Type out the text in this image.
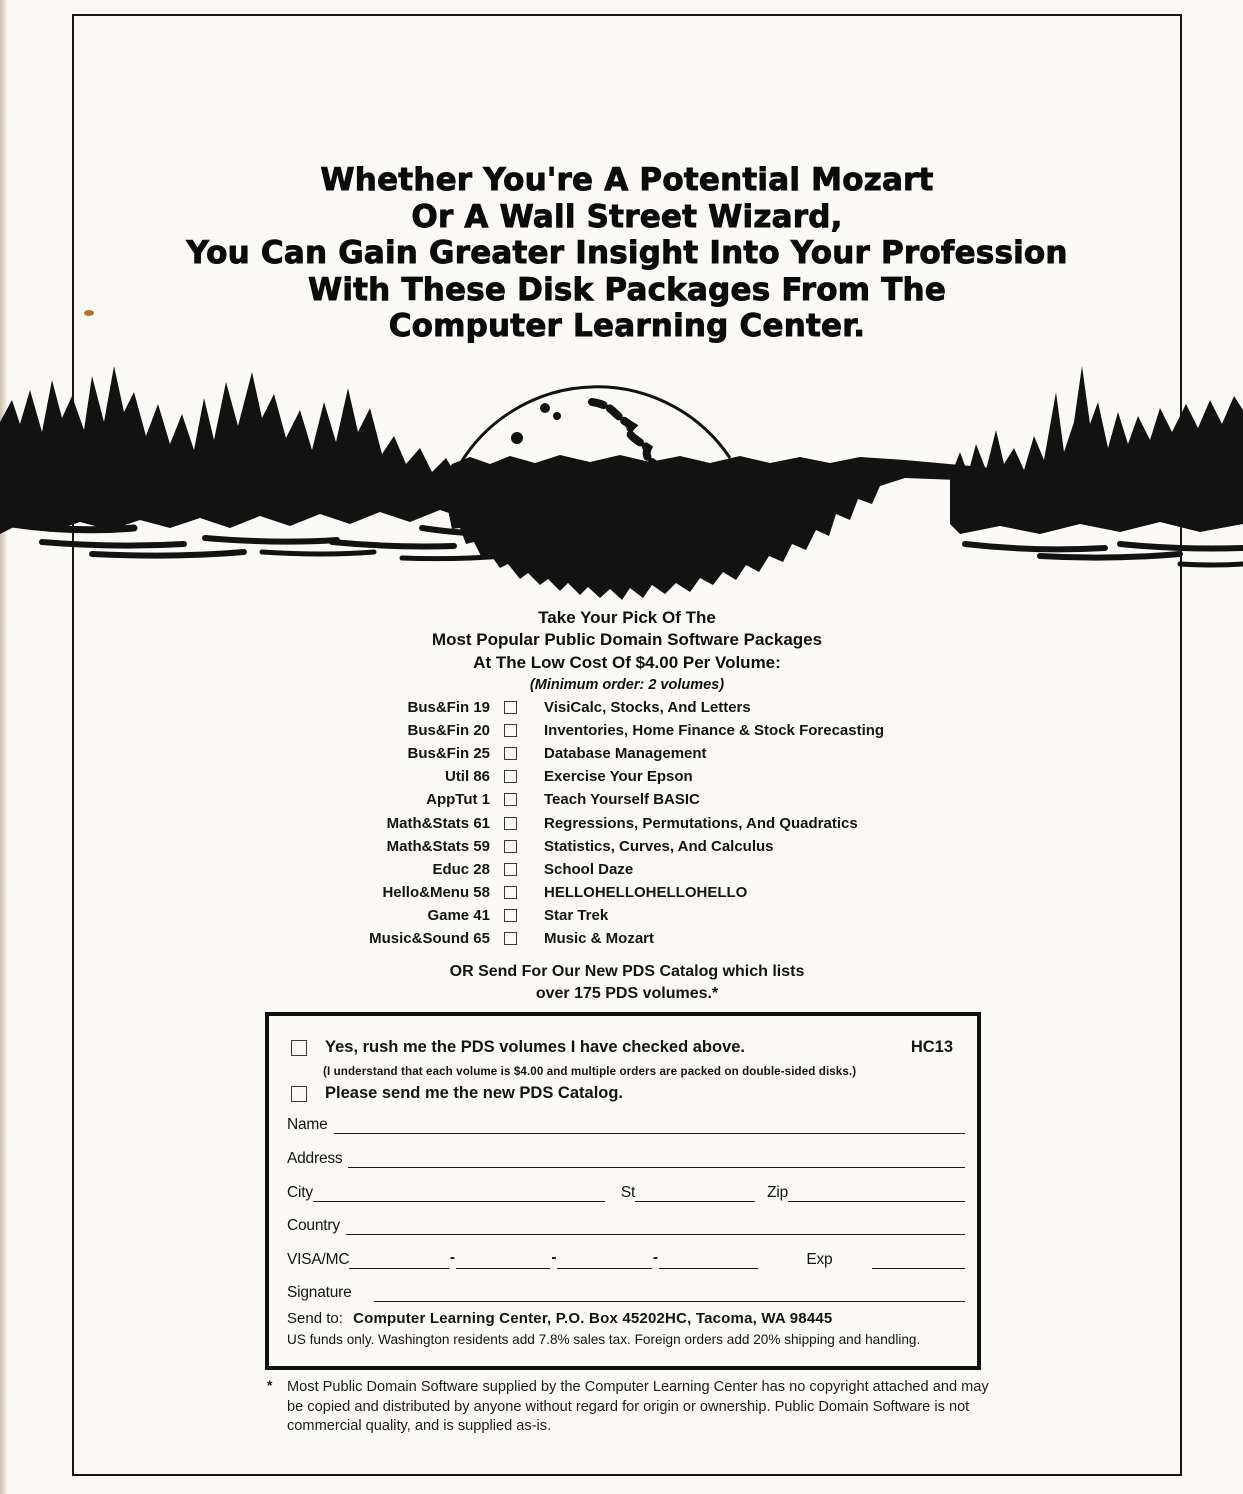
Whether You're A Potential Mozart
Or A Wall Street Wizard,
You Can Gain Greater Insight Into Your Profession
With These Disk Packages From The
Computer Learning Center.
Take Your Pick Of The
Most Popular Public Domain Software Packages
At The Low Cost Of $4.00 Per Volume:
(Minimum order: 2 volumes)
Bus&Fin 19	VisiCalc, Stocks, And Letters
Bus&Fin 20	Inventories, Home Finance & Stock Forecasting
Bus&Fin 25	Database Management
Util 86	Exercise Your Epson
AppTut 1	Teach Yourself BASIC
Math&Stats 61	Regressions, Permutations, And Quadratics
Math&Stats 59	Statistics, Curves, And Calculus
Educ 28	School Daze
Hello&Menu 58	HELLOHELLOHELLOHELLO
Game 41	Star Trek
Music&Sound 65	Music & Mozart
OR Send For Our New PDS Catalog which lists
over 175 PDS volumes.*
Yes, rush me the PDS volumes I have checked above.	HC13
(I understand that each volume is $4.00 and multiple orders are packed on double-sided disks.)
Please send me the new PDS Catalog.
Name
Address
City	St	Zip
Country
VISA/MC	-	-	-	Exp
Signature
Send to: Computer Learning Center, P.O. Box 45202HC, Tacoma, WA 98445
US funds only. Washington residents add 7.8% sales tax. Foreign orders add 20% shipping and handling.
* Most Public Domain Software supplied by the Computer Learning Center has no copyright attached and may be copied and distributed by anyone without regard for origin or ownership. Public Domain Software is not commercial quality, and is supplied as-is.
